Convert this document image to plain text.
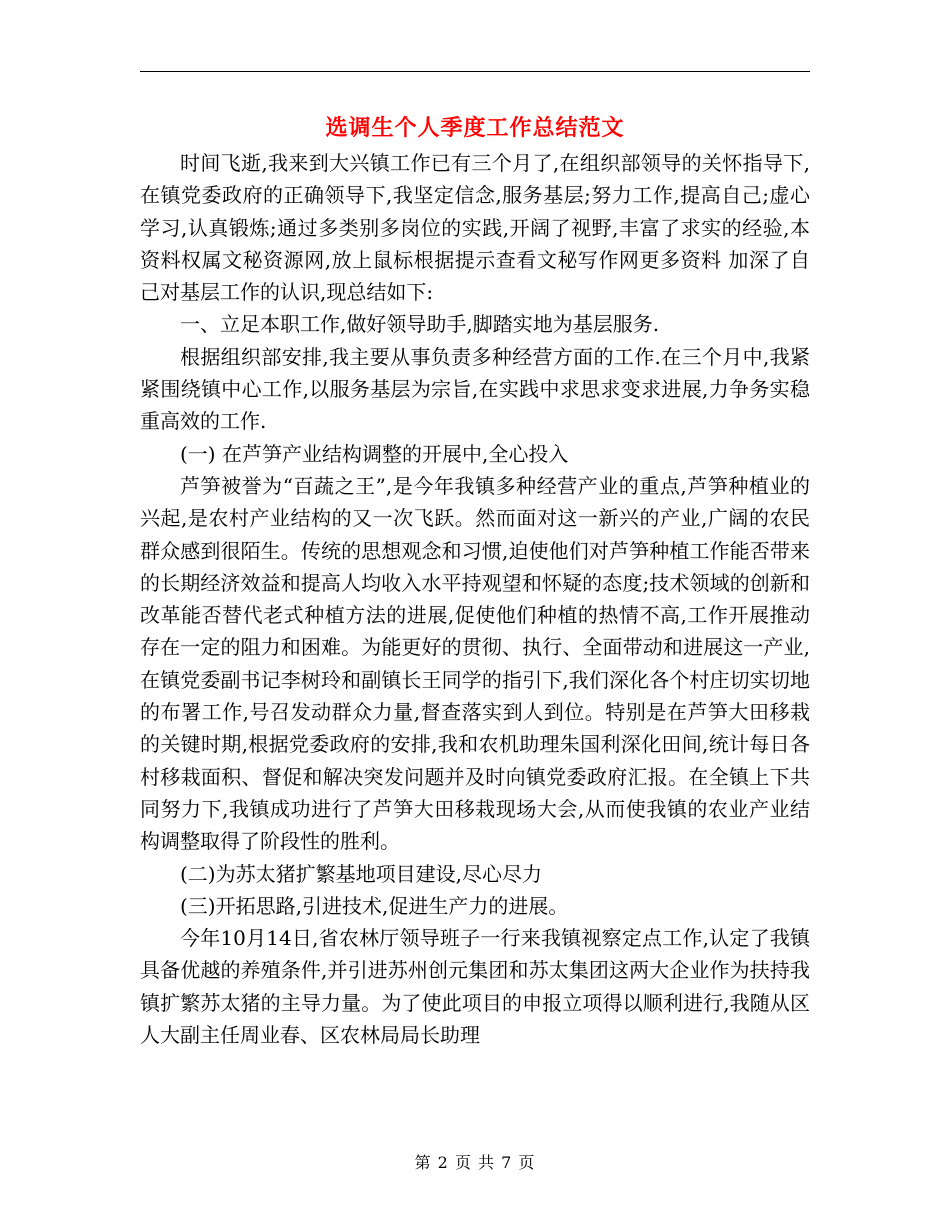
选调生个人季度工作总结范文

时间飞逝,我来到大兴镇工作已有三个月了,在组织部领导的关怀指导下,在镇党委政府的正确领导下,我坚定信念,服务基层;努力工作,提高自己;虚心学习,认真锻炼;通过多类别多岗位的实践,开阔了视野,丰富了求实的经验,本资料权属文秘资源网,放上鼠标根据提示查看文秘写作网更多资料 加深了自己对基层工作的认识,现总结如下:

一、立足本职工作,做好领导助手,脚踏实地为基层服务.

根据组织部安排,我主要从事负责多种经营方面的工作.在三个月中,我紧紧围绕镇中心工作,以服务基层为宗旨,在实践中求思求变求进展,力争务实稳重高效的工作.

(一) 在芦笋产业结构调整的开展中,全心投入

芦笋被誉为“百蔬之王”,是今年我镇多种经营产业的重点,芦笋种植业的兴起,是农村产业结构的又一次飞跃。然而面对这一新兴的产业,广阔的农民群众感到很陌生。传统的思想观念和习惯,迫使他们对芦笋种植工作能否带来的长期经济效益和提高人均收入水平持观望和怀疑的态度;技术领域的创新和改革能否替代老式种植方法的进展,促使他们种植的热情不高,工作开展推动存在一定的阻力和困难。为能更好的贯彻、执行、全面带动和进展这一产业,在镇党委副书记李树玲和副镇长王同学的指引下,我们深化各个村庄切实切地的布署工作,号召发动群众力量,督查落实到人到位。特别是在芦笋大田移栽的关键时期,根据党委政府的安排,我和农机助理朱国利深化田间,统计每日各村移栽面积、督促和解决突发问题并及时向镇党委政府汇报。在全镇上下共同努力下,我镇成功进行了芦笋大田移栽现场大会,从而使我镇的农业产业结构调整取得了阶段性的胜利。

(二)为苏太猪扩繁基地项目建设,尽心尽力

(三)开拓思路,引进技术,促进生产力的进展。

今年10月14日,省农林厅领导班子一行来我镇视察定点工作,认定了我镇具备优越的养殖条件,并引进苏州创元集团和苏太集团这两大企业作为扶持我镇扩繁苏太猪的主导力量。为了使此项目的申报立项得以顺利进行,我随从区人大副主任周业春、区农林局局长助理

第 2 页 共 7 页
